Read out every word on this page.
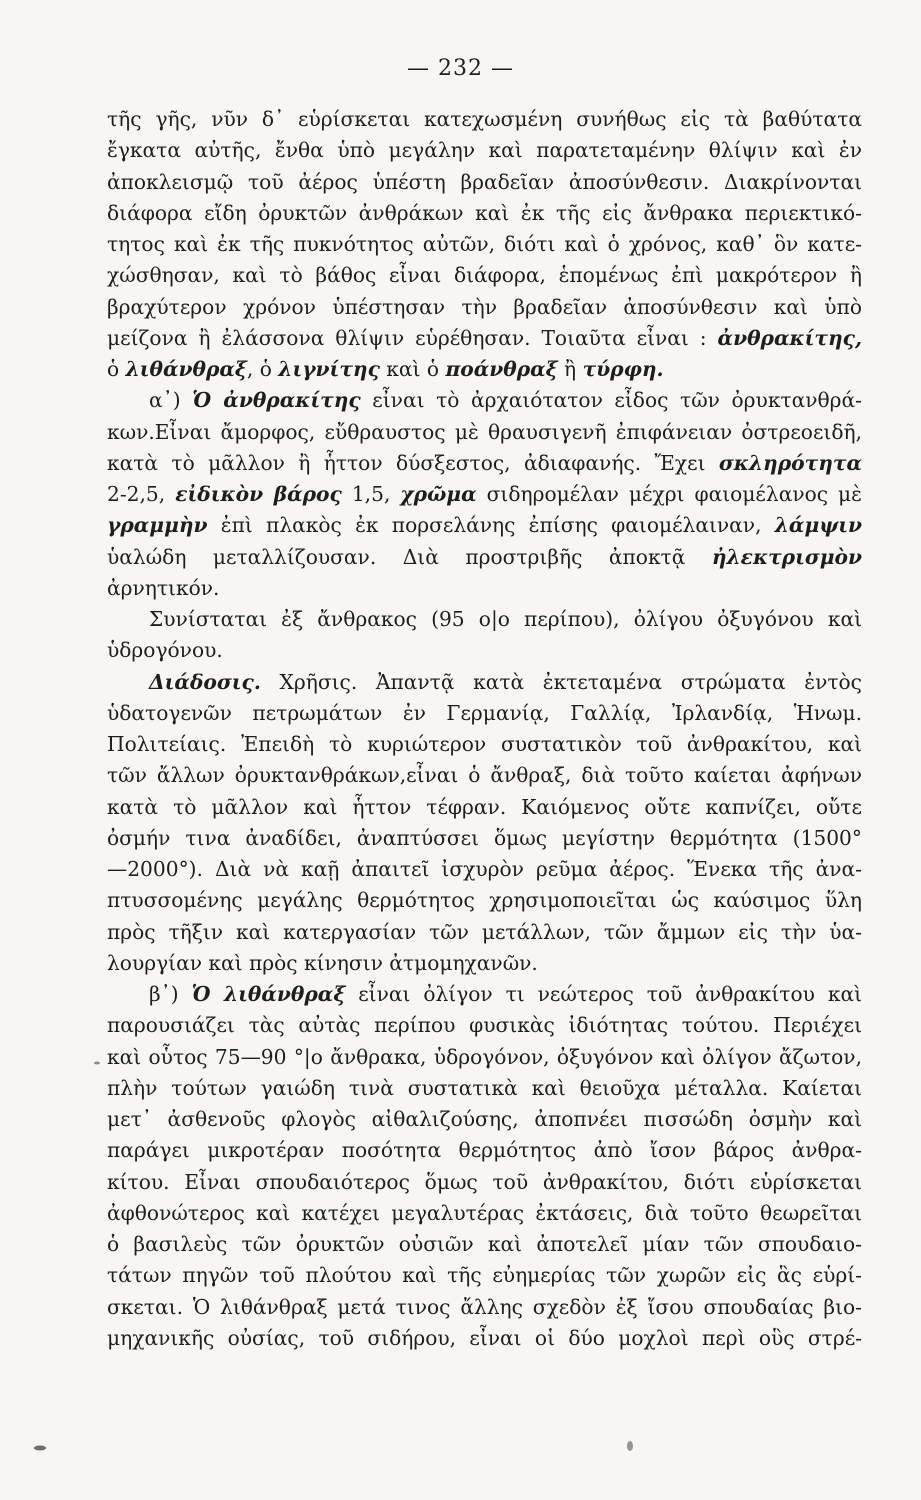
— 232 —
τῆς γῆς, νῦν δ᾽ εὑρίσκεται κατεχωσμένη συνήθως εἰς τὰ βαθύτατα
ἔγκατα αὐτῆς, ἔνθα ὑπὸ μεγάλην καὶ παρατεταμένην θλίψιν καὶ ἐν
ἀποκλεισμῷ τοῦ ἀέρος ὑπέστη βραδεῖαν ἀποσύνθεσιν. Διακρίνονται
διάφορα εἴδη ὀρυκτῶν ἀνθράκων καὶ ἐκ τῆς εἰς ἄνθρακα περιεκτικό-
τητος καὶ ἐκ τῆς πυκνότητος αὐτῶν, διότι καὶ ὁ χρόνος, καθ᾽ ὃν κατε-
χώσθησαν, καὶ τὸ βάθος εἶναι διάφορα, ἑπομένως ἐπὶ μακρότερον ἢ
βραχύτερον χρόνον ὑπέστησαν τὴν βραδεῖαν ἀποσύνθεσιν καὶ ὑπὸ
μείζονα ἢ ἐλάσσονα θλίψιν εὑρέθησαν. Τοιαῦτα εἶναι : ἀνθρακίτης,
ὁ λιθάνθραξ, ὁ λιγνίτης καὶ ὁ ποάνθραξ ἢ τύρφη.
α᾽) Ὁ ἀνθρακίτης εἶναι τὸ ἀρχαιότατον εἶδος τῶν ὀρυκτανθρά-
κων.Εἶναι ἄμορφος, εὔθραυστος μὲ θραυσιγενῆ ἐπιφάνειαν ὀστρεοειδῆ,
κατὰ τὸ μᾶλλον ἢ ἧττον δύσξεστος, ἀδιαφανής. Ἔχει σκληρότητα
2-2,5, εἰδικὸν βάρος 1,5, χρῶμα σιδηρομέλαν μέχρι φαιομέλανος μὲ
γραμμὴν ἐπὶ πλακὸς ἐκ πορσελάνης ἐπίσης φαιομέλαιναν, λάμψιν
ὑαλώδη μεταλλίζουσαν. Διὰ προστριβῆς ἀποκτᾷ ἠλεκτρισμὸν
ἀρνητικόν.
Συνίσταται ἐξ ἄνθρακος (95 ο|ο περίπου), ὀλίγου ὀξυγόνου καὶ
ὑδρογόνου.
Διάδοσις. Χρῆσις. Ἀπαντᾷ κατὰ ἐκτεταμένα στρώματα ἐντὸς
ὑδατογενῶν πετρωμάτων ἐν Γερμανίᾳ, Γαλλίᾳ, Ἰρλανδίᾳ, Ἡνωμ.
Πολιτείαις. Ἐπειδὴ τὸ κυριώτερον συστατικὸν τοῦ ἀνθρακίτου, καὶ
τῶν ἄλλων ὀρυκτανθράκων,εἶναι ὁ ἄνθραξ, διὰ τοῦτο καίεται ἀφήνων
κατὰ τὸ μᾶλλον καὶ ἧττον τέφραν. Καιόμενος οὔτε καπνίζει, οὔτε
ὀσμήν τινα ἀναδίδει, ἀναπτύσσει ὅμως μεγίστην θερμότητα (1500°
—2000°). Διὰ νὰ καῇ ἀπαιτεῖ ἰσχυρὸν ρεῦμα ἀέρος. Ἕνεκα τῆς ἀνα-
πτυσσομένης μεγάλης θερμότητος χρησιμοποιεῖται ὡς καύσιμος ὕλη
πρὸς τῆξιν καὶ κατεργασίαν τῶν μετάλλων, τῶν ἄμμων εἰς τὴν ὑα-
λουργίαν καὶ πρὸς κίνησιν ἀτμομηχανῶν.
β᾽) Ὁ λιθάνθραξ εἶναι ὀλίγον τι νεώτερος τοῦ ἀνθρακίτου καὶ
παρουσιάζει τὰς αὐτὰς περίπου φυσικὰς ἰδιότητας τούτου. Περιέχει
καὶ οὗτος 75—90 °|ο ἄνθρακα, ὑδρογόνον, ὀξυγόνον καὶ ὀλίγον ἄζωτον,
πλὴν τούτων γαιώδη τινὰ συστατικὰ καὶ θειοῦχα μέταλλα. Καίεται
μετ᾽ ἀσθενοῦς φλογὸς αἰθαλιζούσης, ἀποπνέει πισσώδη ὀσμὴν καὶ
παράγει μικροτέραν ποσότητα θερμότητος ἀπὸ ἴσον βάρος ἀνθρα-
κίτου. Εἶναι σπουδαιότερος ὅμως τοῦ ἀνθρακίτου, διότι εὑρίσκεται
ἀφθονώτερος καὶ κατέχει μεγαλυτέρας ἐκτάσεις, διὰ τοῦτο θεωρεῖται
ὁ βασιλεὺς τῶν ὀρυκτῶν οὐσιῶν καὶ ἀποτελεῖ μίαν τῶν σπουδαιο-
τάτων πηγῶν τοῦ πλούτου καὶ τῆς εὐημερίας τῶν χωρῶν εἰς ἃς εὑρί-
σκεται. Ὁ λιθάνθραξ μετά τινος ἄλλης σχεδὸν ἐξ ἴσου σπουδαίας βιο-
μηχανικῆς οὐσίας, τοῦ σιδήρου, εἶναι οἱ δύο μοχλοὶ περὶ οὓς στρέ-
